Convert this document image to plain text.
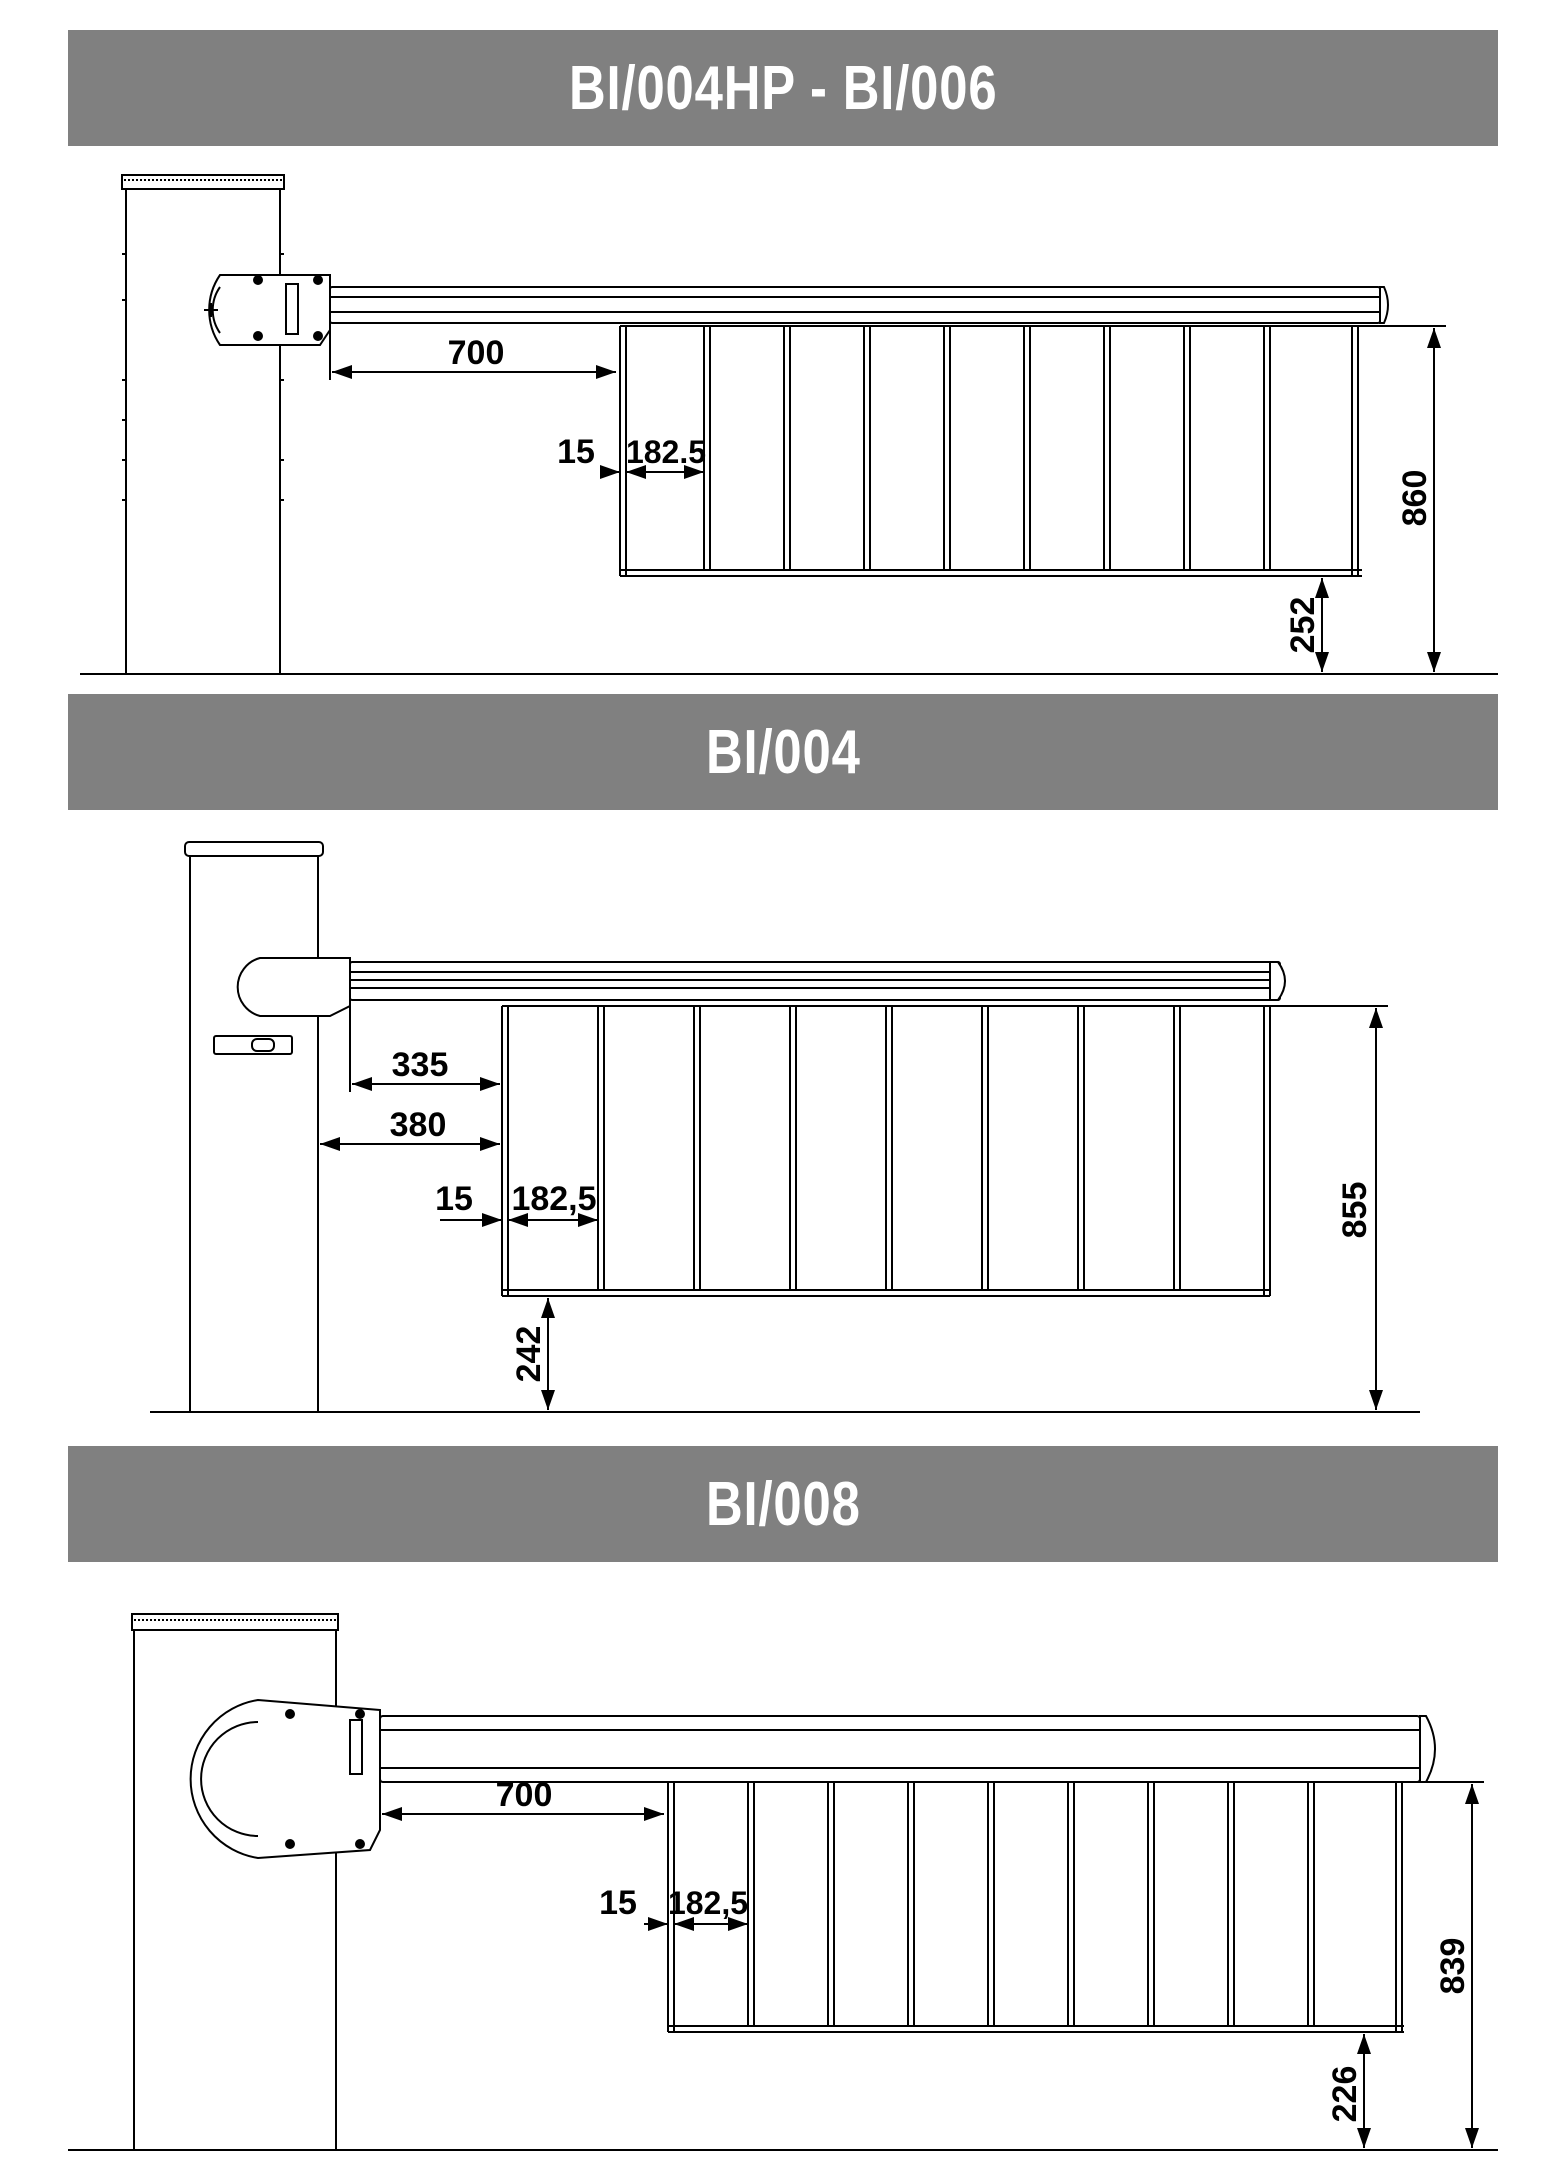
BI/004HP - BI/006
700
15 182.5
860
252
BI/004
335
380
15 182,5	855
242
BI/008
700
15 182,5
839
226
